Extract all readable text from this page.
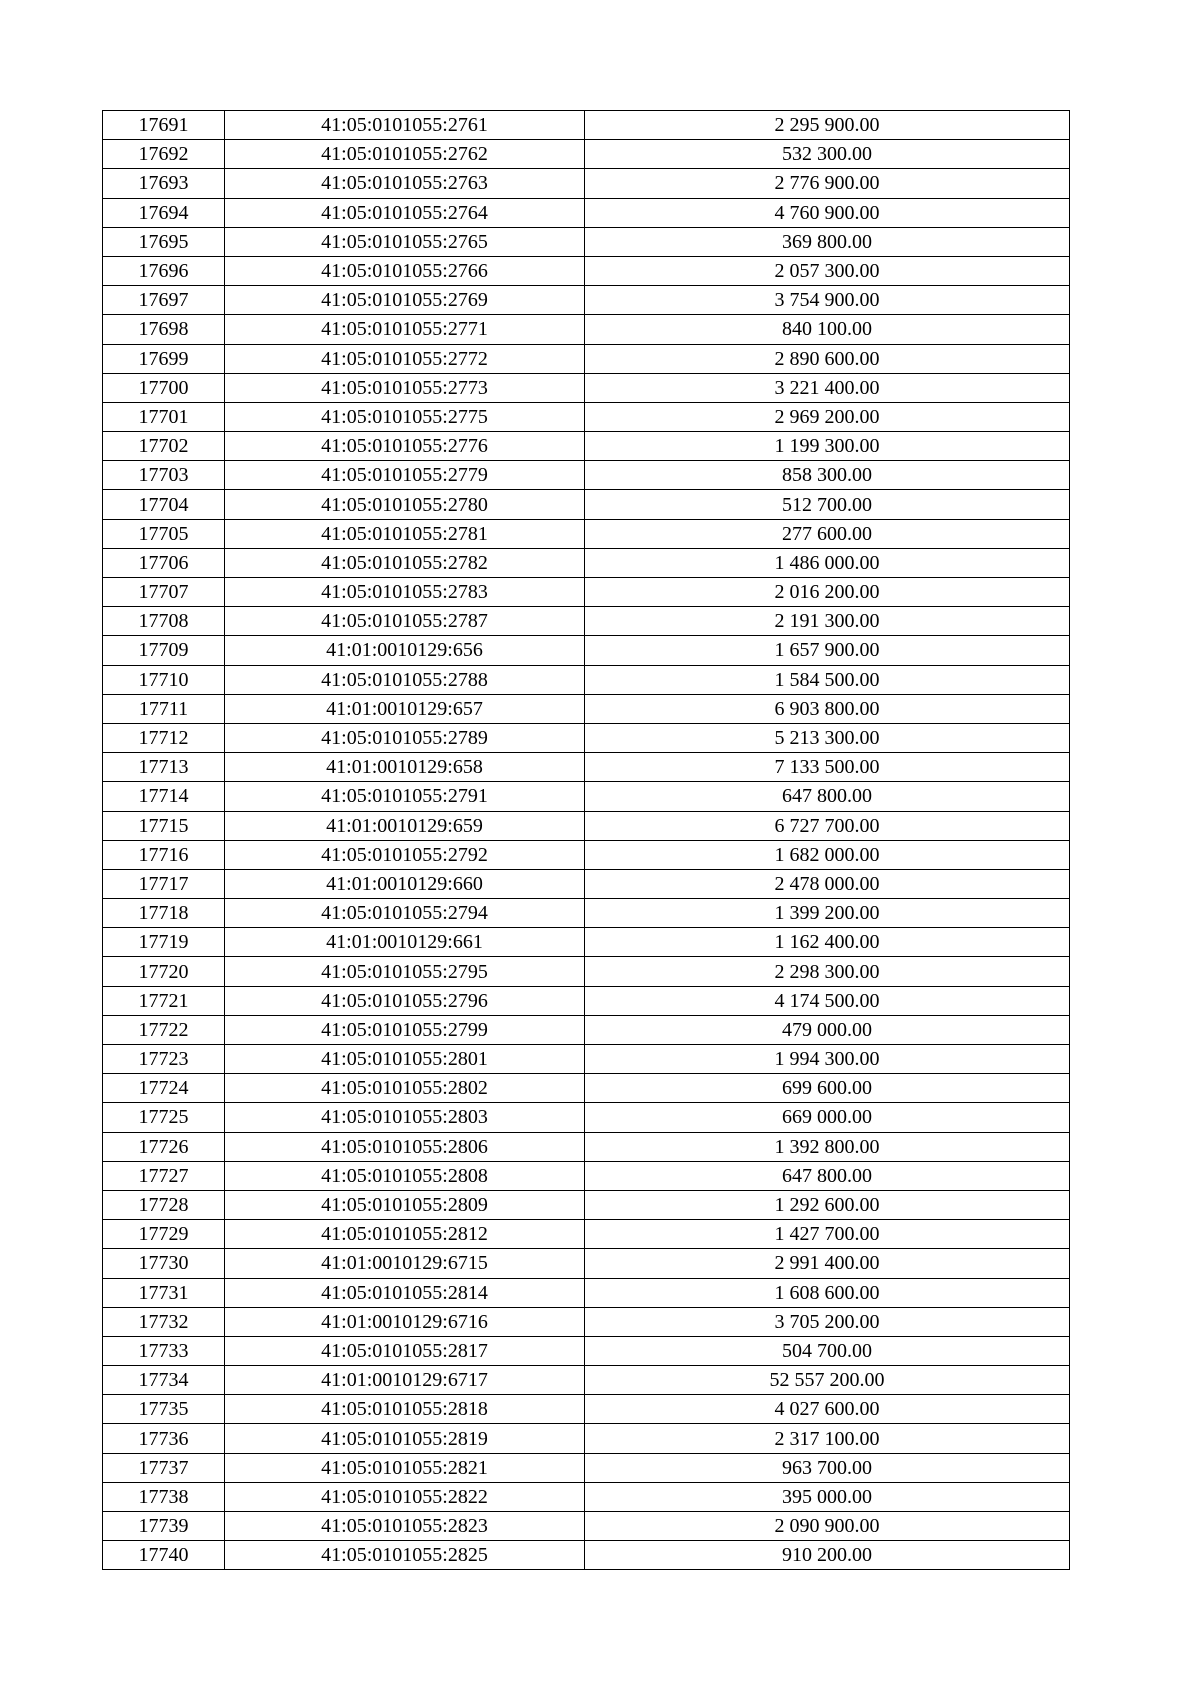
17691	41:05:0101055:2761	2 295 900.00
17692	41:05:0101055:2762	532 300.00
17693	41:05:0101055:2763	2 776 900.00
17694	41:05:0101055:2764	4 760 900.00
17695	41:05:0101055:2765	369 800.00
17696	41:05:0101055:2766	2 057 300.00
17697	41:05:0101055:2769	3 754 900.00
17698	41:05:0101055:2771	840 100.00
17699	41:05:0101055:2772	2 890 600.00
17700	41:05:0101055:2773	3 221 400.00
17701	41:05:0101055:2775	2 969 200.00
17702	41:05:0101055:2776	1 199 300.00
17703	41:05:0101055:2779	858 300.00
17704	41:05:0101055:2780	512 700.00
17705	41:05:0101055:2781	277 600.00
17706	41:05:0101055:2782	1 486 000.00
17707	41:05:0101055:2783	2 016 200.00
17708	41:05:0101055:2787	2 191 300.00
17709	41:01:0010129:656	1 657 900.00
17710	41:05:0101055:2788	1 584 500.00
17711	41:01:0010129:657	6 903 800.00
17712	41:05:0101055:2789	5 213 300.00
17713	41:01:0010129:658	7 133 500.00
17714	41:05:0101055:2791	647 800.00
17715	41:01:0010129:659	6 727 700.00
17716	41:05:0101055:2792	1 682 000.00
17717	41:01:0010129:660	2 478 000.00
17718	41:05:0101055:2794	1 399 200.00
17719	41:01:0010129:661	1 162 400.00
17720	41:05:0101055:2795	2 298 300.00
17721	41:05:0101055:2796	4 174 500.00
17722	41:05:0101055:2799	479 000.00
17723	41:05:0101055:2801	1 994 300.00
17724	41:05:0101055:2802	699 600.00
17725	41:05:0101055:2803	669 000.00
17726	41:05:0101055:2806	1 392 800.00
17727	41:05:0101055:2808	647 800.00
17728	41:05:0101055:2809	1 292 600.00
17729	41:05:0101055:2812	1 427 700.00
17730	41:01:0010129:6715	2 991 400.00
17731	41:05:0101055:2814	1 608 600.00
17732	41:01:0010129:6716	3 705 200.00
17733	41:05:0101055:2817	504 700.00
17734	41:01:0010129:6717	52 557 200.00
17735	41:05:0101055:2818	4 027 600.00
17736	41:05:0101055:2819	2 317 100.00
17737	41:05:0101055:2821	963 700.00
17738	41:05:0101055:2822	395 000.00
17739	41:05:0101055:2823	2 090 900.00
17740	41:05:0101055:2825	910 200.00
